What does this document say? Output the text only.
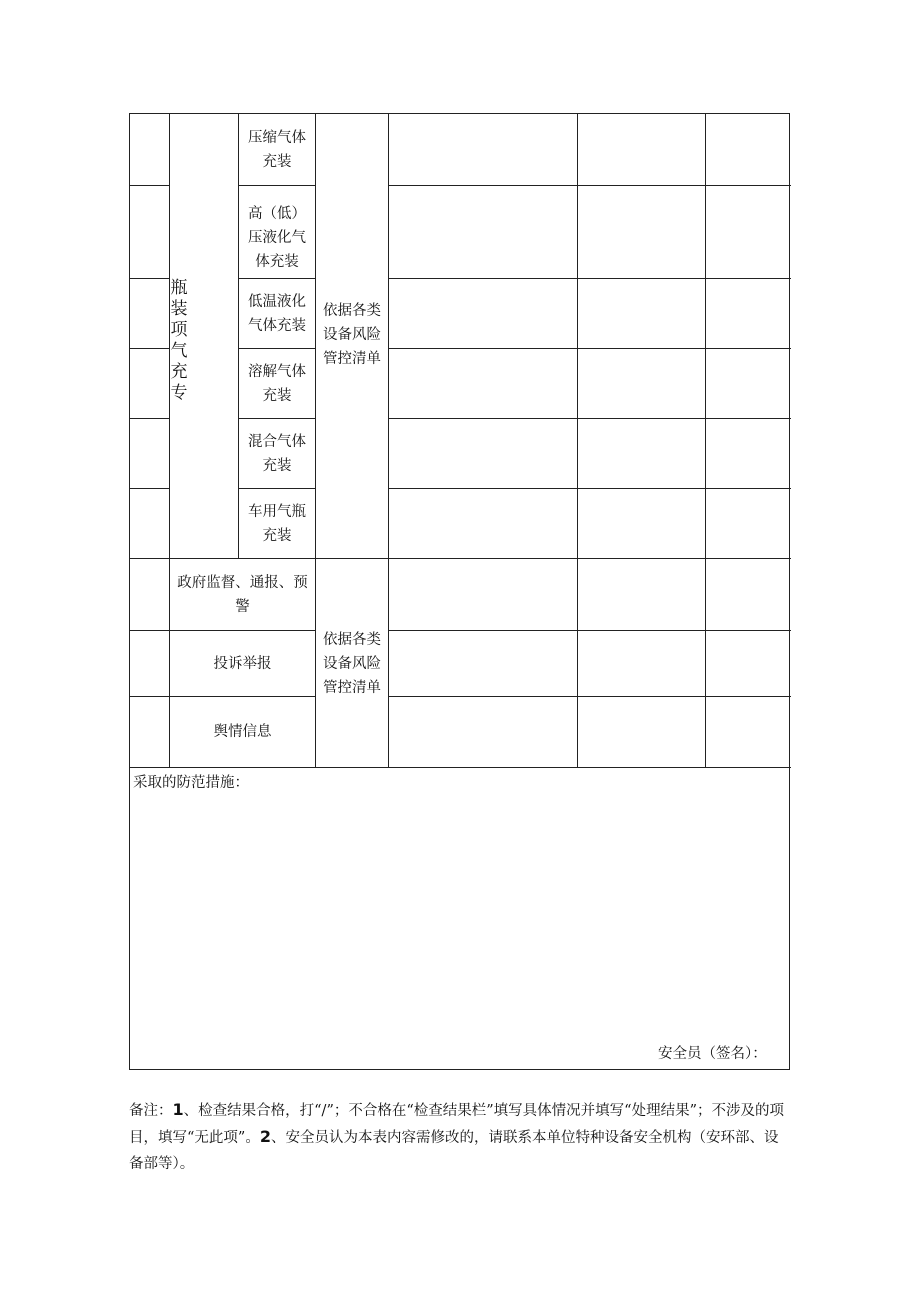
瓶装项气充专
压缩气体充装
高（低）压液化气体充装
低温液化气体充装
溶解气体充装
混合气体充装
车用气瓶充装
依据各类设备风险管控清单
依据各类设备风险管控清单
政府监督、通报、预警
投诉举报
舆情信息
采取的防范措施：
安全员（签名）：
备注：1、检查结果合格，打“/”；不合格在“检查结果栏”填写具体情况并填写“处理结果”；不涉及的项目，填写“无此项”。2、安全员认为本表内容需修改的，请联系本单位特种设备安全机构（安环部、设备部等）。
